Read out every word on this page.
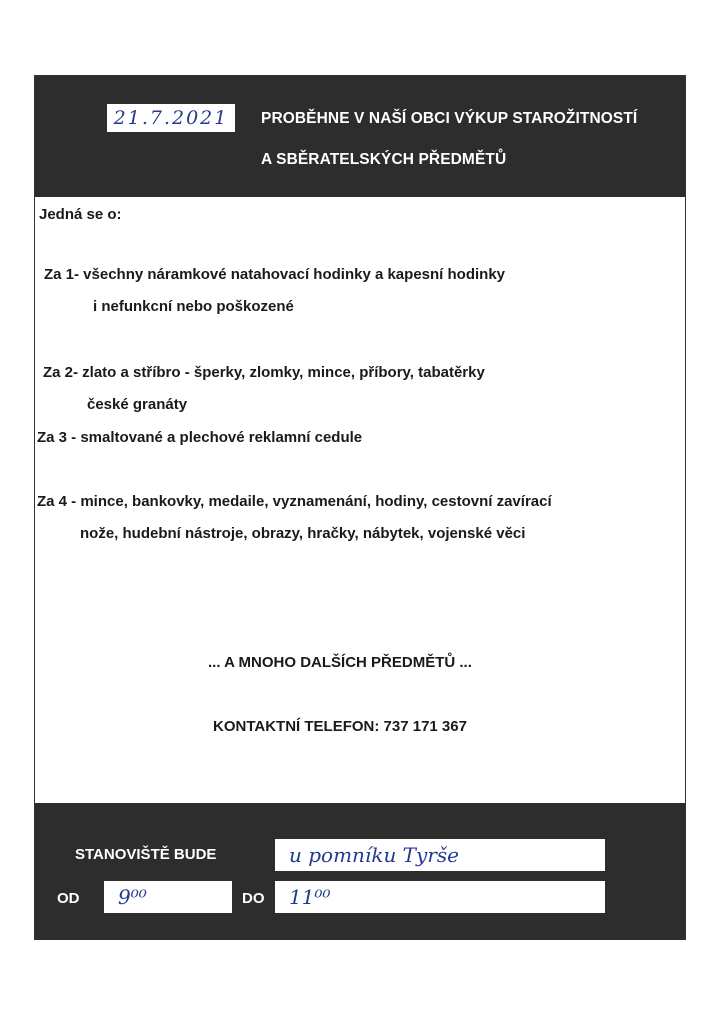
21.7.2021 PROBĚHNE V NAŠÍ OBCI VÝKUP STAROŽITNOSTÍ
A SBĚRATELSKÝCH PŘEDMĚTŮ
Jedná se o:
Za 1- všechny náramkové natahovací hodinky a kapesní hodinky
i nefunkcní nebo poškozené
Za 2- zlato a stříbro - šperky, zlomky, mince, příbory, tabatěrky
české granáty
Za 3 - smaltované a plechové reklamní cedule
Za 4 - mince, bankovky, medaile, vyznamenání, hodiny, cestovní zavírací
nože, hudební nástroje, obrazy, hračky, nábytek, vojenské věci
... A MNOHO DALŠÍCH PŘEDMĚTŮ ...
KONTAKTNÍ TELEFON: 737 171 367
STANOVIŠTĚ BUDE	u pomníku Tyrše
OD	9⁰⁰	DO	11⁰⁰
